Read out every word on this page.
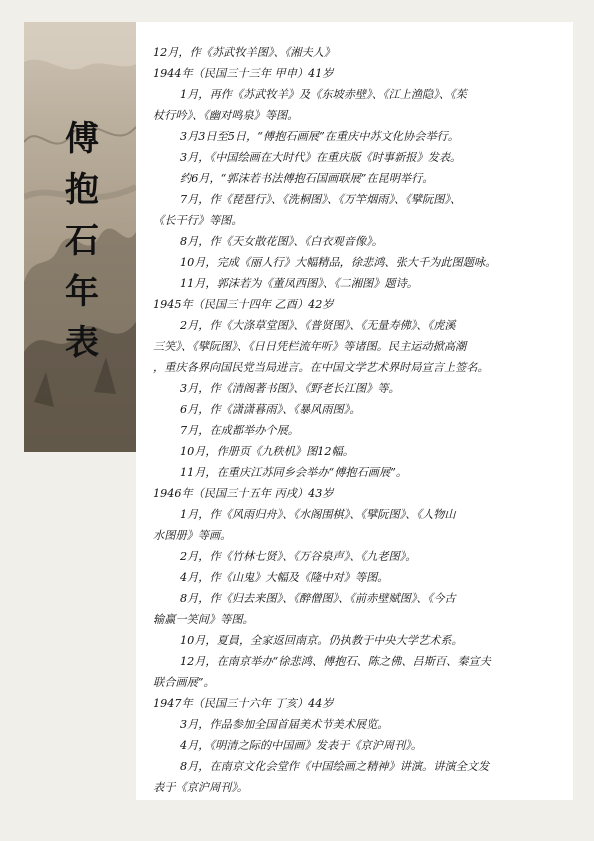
傅
抱
石
年
表
12月，作《苏武牧羊图》、《湘夫人》
1944年（民国三十三年 甲申）41岁
1月，再作《苏武牧羊》及《东坡赤壁》、《江上渔隐》、《茱
杖行吟》、《幽对鸣泉》等图。
3月3日至5日，“傅抱石画展”在重庆中苏文化协会举行。
3月，《中国绘画在大时代》在重庆版《时事新报》发表。
约6月，“郭沫若书法傅抱石国画联展”在昆明举行。
7月，作《琵琶行》、《洗桐图》、《万竿烟雨》、《擘阮图》、
《长干行》等图。
8月，作《天女散花图》、《白衣观音像》。
10月，完成《丽人行》大幅精品，徐悲鸿、张大千为此图题咏。
11月，郭沫若为《董凤西图》、《二湘图》题诗。
1945年（民国三十四年 乙酉）42岁
2月，作《大涤草堂图》、《普贤图》、《无量寿佛》、《虎溪
三笑》、《擘阮图》、《日日凭栏流年听》等诸图。民主运动掀高潮
，重庆各界向国民党当局进言。在中国文学艺术界时局宣言上签名。
3月，作《清阁著书图》、《野老长江图》等。
6月，作《潇潇暮雨》、《暴风雨图》。
7月，在成都举办个展。
10月，作册页《九秩机》图12幅。
11月，在重庆江苏同乡会举办“傅抱石画展”。
1946年（民国三十五年 丙戌）43岁
1月，作《风雨归舟》、《水阁围棋》、《擘阮图》、《人物山
水图册》等画。
2月，作《竹林七贤》、《万谷泉声》、《九老图》。
4月，作《山鬼》大幅及《隆中对》等图。
8月，作《归去来图》、《醉僧图》、《前赤壁赋图》、《今古
输赢一笑间》等图。
10月，夏員，全家返回南京。仍执教于中央大学艺术系。
12月，在南京举办“徐悲鸿、傅抱石、陈之佛、吕斯百、秦宣夫
联合画展”。
1947年（民国三十六年 丁亥）44岁
3月，作品参加全国首届美术节美术展览。
4月，《明清之际的中国画》发表于《京沪周刊》。
8月，在南京文化会堂作《中国绘画之精神》讲演。讲演全文发
表于《京沪周刊》。
